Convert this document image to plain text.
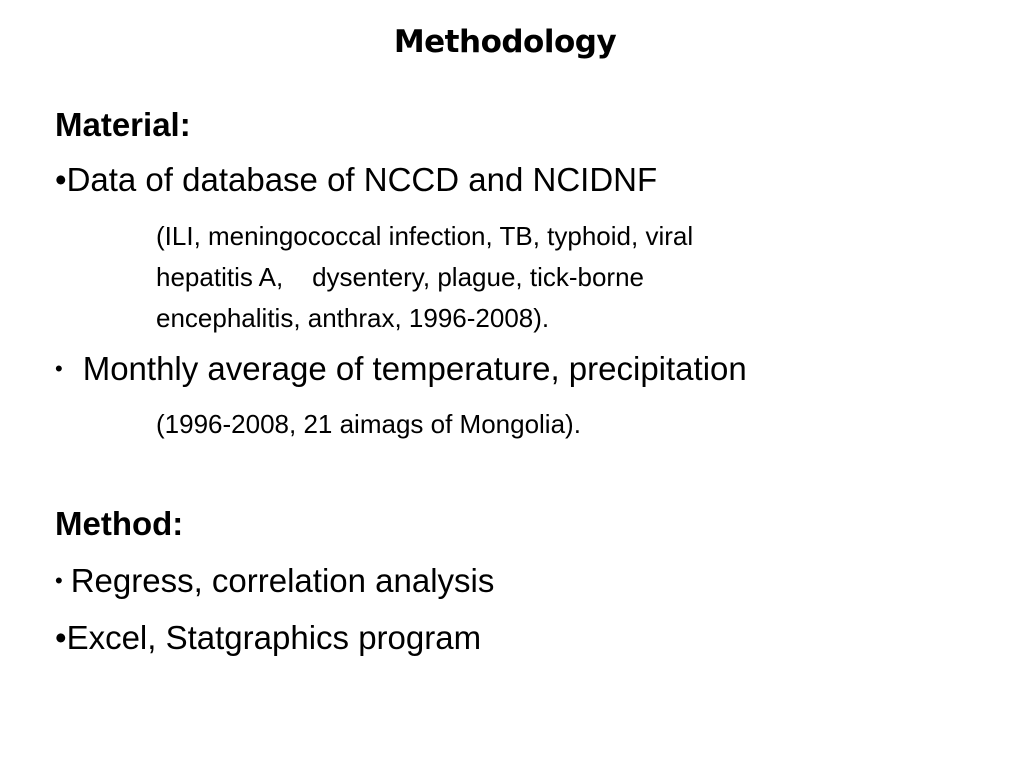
Methodology
Material:
•Data of database of NCCD and NCIDNF
(ILI, meningococcal infection, TB, typhoid, viral
hepatitis A,    dysentery, plague, tick-borne
encephalitis, anthrax, 1996-2008).
• Monthly average of temperature, precipitation
(1996-2008, 21 aimags of Mongolia).
Method:
• Regress, correlation analysis
•Excel, Statgraphics program
